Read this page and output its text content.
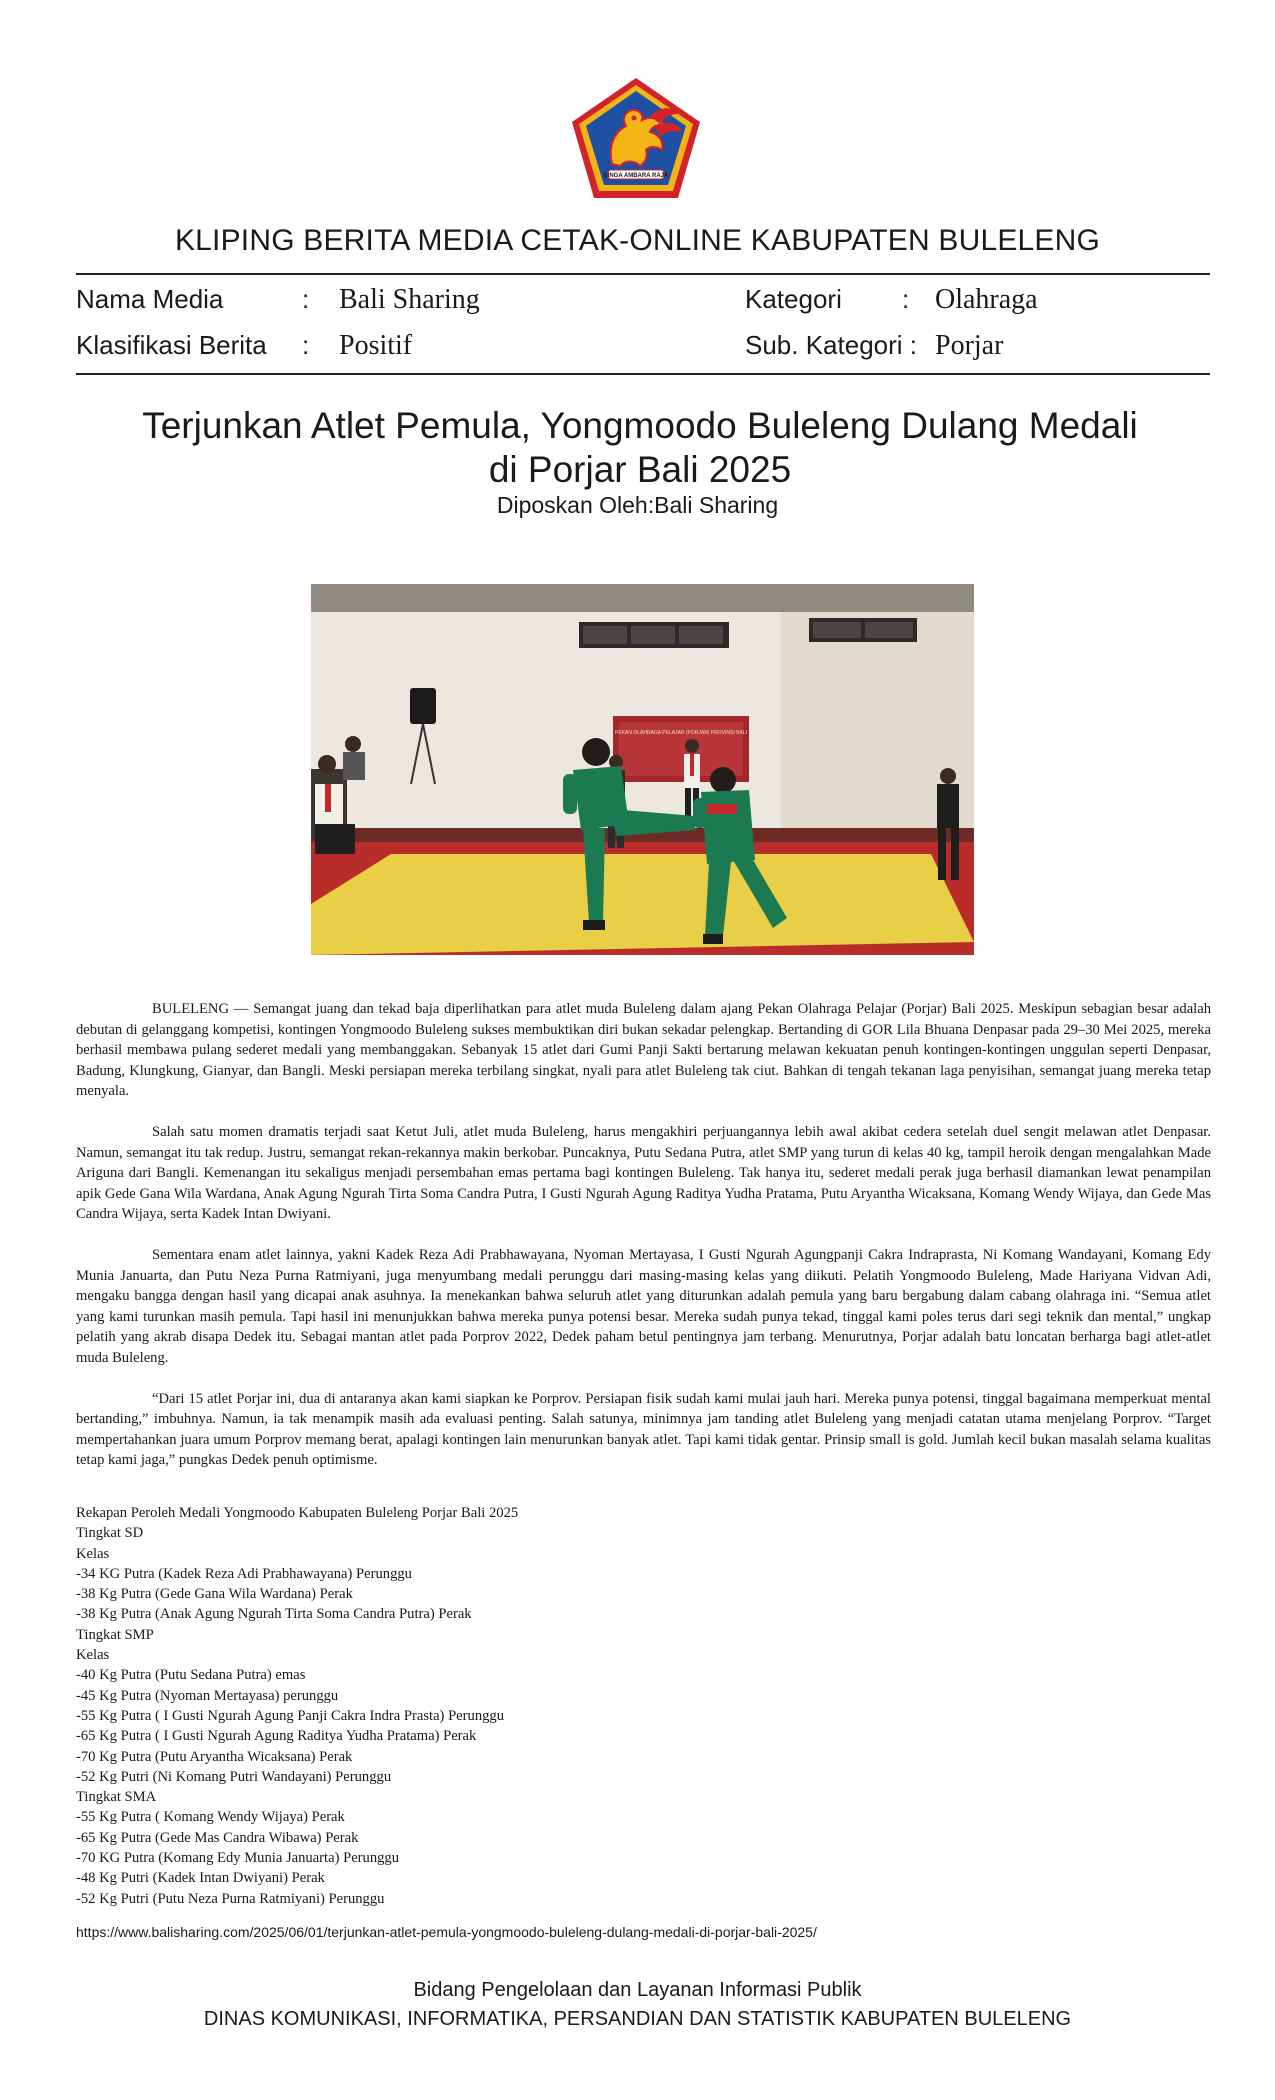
SINGA AMBARA RAJA
KLIPING BERITA MEDIA CETAK-ONLINE KABUPATEN BULELENG
Nama Media	: Bali Sharing	Kategori : Olahraga
Klasifikasi Berita : Positif	Sub. Kategori : Porjar
Terjunkan Atlet Pemula, Yongmoodo Buleleng Dulang Medali
di Porjar Bali 2025
Diposkan Oleh:Bali Sharing
PEKAN OLAHRAGA PELAJAR (PORJAR) PROVINSI BALI

BULELENG — Semangat juang dan tekad baja diperlihatkan para atlet muda Buleleng dalam ajang Pekan Olahraga Pelajar (Porjar) Bali 2025. Meskipun sebagian besar adalah debutan di gelanggang kompetisi, kontingen Yongmoodo Buleleng sukses membuktikan diri bukan sekadar pelengkap. Bertanding di GOR Lila Bhuana Denpasar pada 29–30 Mei 2025, mereka berhasil membawa pulang sederet medali yang membanggakan. Sebanyak 15 atlet dari Gumi Panji Sakti bertarung melawan kekuatan penuh kontingen-kontingen unggulan seperti Denpasar, Badung, Klungkung, Gianyar, dan Bangli. Meski persiapan mereka terbilang singkat, nyali para atlet Buleleng tak ciut. Bahkan di tengah tekanan laga penyisihan, semangat juang mereka tetap menyala.

Salah satu momen dramatis terjadi saat Ketut Juli, atlet muda Buleleng, harus mengakhiri perjuangannya lebih awal akibat cedera setelah duel sengit melawan atlet Denpasar. Namun, semangat itu tak redup. Justru, semangat rekan-rekannya makin berkobar. Puncaknya, Putu Sedana Putra, atlet SMP yang turun di kelas 40 kg, tampil heroik dengan mengalahkan Made Ariguna dari Bangli. Kemenangan itu sekaligus menjadi persembahan emas pertama bagi kontingen Buleleng. Tak hanya itu, sederet medali perak juga berhasil diamankan lewat penampilan apik Gede Gana Wila Wardana, Anak Agung Ngurah Tirta Soma Candra Putra, I Gusti Ngurah Agung Raditya Yudha Pratama, Putu Aryantha Wicaksana, Komang Wendy Wijaya, dan Gede Mas Candra Wijaya, serta Kadek Intan Dwiyani.

Sementara enam atlet lainnya, yakni Kadek Reza Adi Prabhawayana, Nyoman Mertayasa, I Gusti Ngurah Agungpanji Cakra Indraprasta, Ni Komang Wandayani, Komang Edy Munia Januarta, dan Putu Neza Purna Ratmiyani, juga menyumbang medali perunggu dari masing-masing kelas yang diikuti. Pelatih Yongmoodo Buleleng, Made Hariyana Vidvan Adi, mengaku bangga dengan hasil yang dicapai anak asuhnya. Ia menekankan bahwa seluruh atlet yang diturunkan adalah pemula yang baru bergabung dalam cabang olahraga ini. “Semua atlet yang kami turunkan masih pemula. Tapi hasil ini menunjukkan bahwa mereka punya potensi besar. Mereka sudah punya tekad, tinggal kami poles terus dari segi teknik dan mental,” ungkap pelatih yang akrab disapa Dedek itu. Sebagai mantan atlet pada Porprov 2022, Dedek paham betul pentingnya jam terbang. Menurutnya, Porjar adalah batu loncatan berharga bagi atlet-atlet muda Buleleng.

“Dari 15 atlet Porjar ini, dua di antaranya akan kami siapkan ke Porprov. Persiapan fisik sudah kami mulai jauh hari. Mereka punya potensi, tinggal bagaimana memperkuat mental bertanding,” imbuhnya. Namun, ia tak menampik masih ada evaluasi penting. Salah satunya, minimnya jam tanding atlet Buleleng yang menjadi catatan utama menjelang Porprov. “Target mempertahankan juara umum Porprov memang berat, apalagi kontingen lain menurunkan banyak atlet. Tapi kami tidak gentar. Prinsip small is gold. Jumlah kecil bukan masalah selama kualitas tetap kami jaga,” pungkas Dedek penuh optimisme.

Rekapan Peroleh Medali Yongmoodo Kabupaten Buleleng Porjar Bali 2025
Tingkat SD
Kelas
-34 KG Putra (Kadek Reza Adi Prabhawayana) Perunggu
-38 Kg Putra (Gede Gana Wila Wardana) Perak
-38 Kg Putra (Anak Agung Ngurah Tirta Soma Candra Putra) Perak
Tingkat SMP
Kelas
-40 Kg Putra (Putu Sedana Putra) emas
-45 Kg Putra (Nyoman Mertayasa) perunggu
-55 Kg Putra ( I Gusti Ngurah Agung Panji Cakra Indra Prasta) Perunggu
-65 Kg Putra ( I Gusti Ngurah Agung Raditya Yudha Pratama) Perak
-70 Kg Putra (Putu Aryantha Wicaksana) Perak
-52 Kg Putri (Ni Komang Putri Wandayani) Perunggu
Tingkat SMA
-55 Kg Putra ( Komang Wendy Wijaya) Perak
-65 Kg Putra (Gede Mas Candra Wibawa) Perak
-70 KG Putra (Komang Edy Munia Januarta) Perunggu
-48 Kg Putri (Kadek Intan Dwiyani) Perak
-52 Kg Putri (Putu Neza Purna Ratmiyani) Perunggu
https://www.balisharing.com/2025/06/01/terjunkan-atlet-pemula-yongmoodo-buleleng-dulang-medali-di-porjar-bali-2025/
Bidang Pengelolaan dan Layanan Informasi Publik
DINAS KOMUNIKASI, INFORMATIKA, PERSANDIAN DAN STATISTIK KABUPATEN BULELENG
